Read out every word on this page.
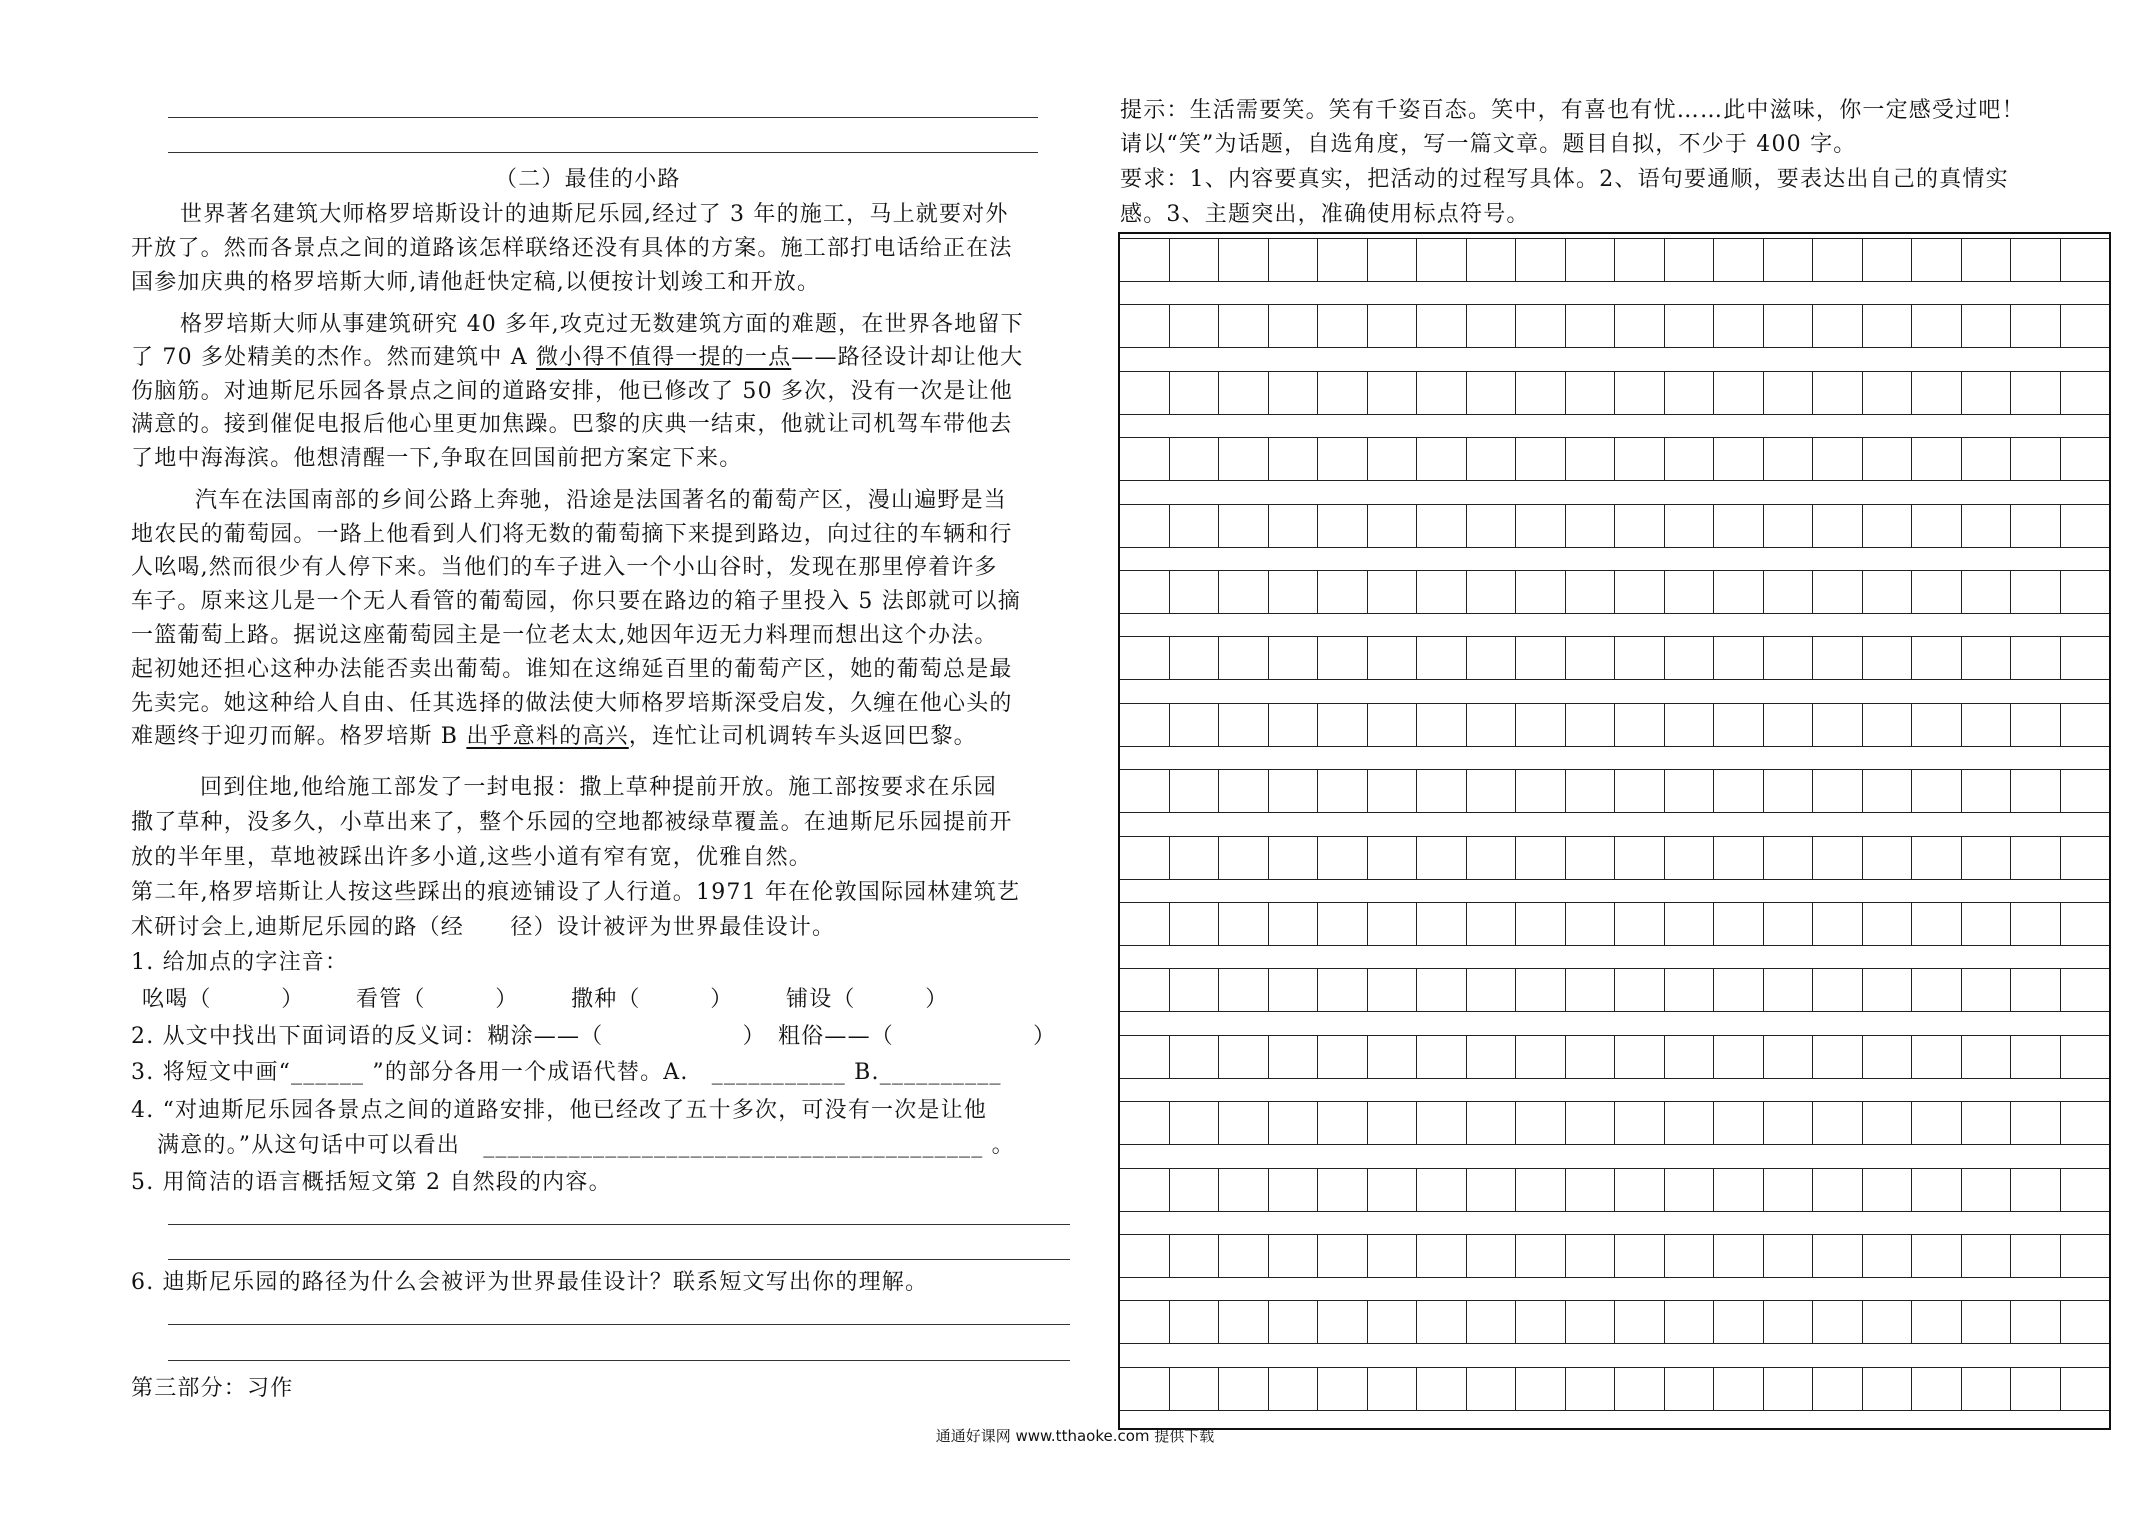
（二）最佳的小路
世界著名建筑大师格罗培斯设计的迪斯尼乐园,经过了 3 年的施工，马上就要对外
开放了。然而各景点之间的道路该怎样联络还没有具体的方案。施工部打电话给正在法
国参加庆典的格罗培斯大师,请他赶快定稿,以便按计划竣工和开放。
格罗培斯大师从事建筑研究 40 多年,攻克过无数建筑方面的难题，在世界各地留下
了 70 多处精美的杰作。然而建筑中 A 微小得不值得一提的一点——路径设计却让他大
伤脑筋。对迪斯尼乐园各景点之间的道路安排，他已修改了 50 多次，没有一次是让他
满意的。接到催促电报后他心里更加焦躁。巴黎的庆典一结束，他就让司机驾车带他去
了地中海海滨。他想清醒一下,争取在回国前把方案定下来。
汽车在法国南部的乡间公路上奔驰，沿途是法国著名的葡萄产区，漫山遍野是当
地农民的葡萄园。一路上他看到人们将无数的葡萄摘下来提到路边，向过往的车辆和行
人吆喝,然而很少有人停下来。当他们的车子进入一个小山谷时，发现在那里停着许多
车子。原来这儿是一个无人看管的葡萄园，你只要在路边的箱子里投入 5 法郎就可以摘
一篮葡萄上路。据说这座葡萄园主是一位老太太,她因年迈无力料理而想出这个办法。
起初她还担心这种办法能否卖出葡萄。谁知在这绵延百里的葡萄产区，她的葡萄总是最
先卖完。她这种给人自由、任其选择的做法使大师格罗培斯深受启发，久缠在他心头的
难题终于迎刃而解。格罗培斯 B 出乎意料的高兴，连忙让司机调转车头返回巴黎。
回到住地,他给施工部发了一封电报：撒上草种提前开放。施工部按要求在乐园
撒了草种，没多久，小草出来了，整个乐园的空地都被绿草覆盖。在迪斯尼乐园提前开
放的半年里，草地被踩出许多小道,这些小道有窄有宽，优雅自然。
第二年,格罗培斯让人按这些踩出的痕迹铺设了人行道。1971 年在伦敦国际园林建筑艺
术研讨会上,迪斯尼乐园的路（经　　径）设计被评为世界最佳设计。
1. 给加点的字注音：
吆喝（　　　） 看管（　　　） 撒种（　　　） 铺设（　　　）
2. 从文中找出下面词语的反义词：糊涂——（　　　　　　）　粗俗——（　　　　　　）
3. 将短文中画“______ ”的部分各用一个成语代替。A.　___________ B.__________
4. “对迪斯尼乐园各景点之间的道路安排，他已经改了五十多次，可没有一次是让他
满意的。”从这句话中可以看出　_________________________________________ 。
5. 用简洁的语言概括短文第 2 自然段的内容。
6. 迪斯尼乐园的路径为什么会被评为世界最佳设计？联系短文写出你的理解。
第三部分：习作
提示：生活需要笑。笑有千姿百态。笑中，有喜也有忧……此中滋味，你一定感受过吧！
请以“笑”为话题，自选角度，写一篇文章。题目自拟，不少于 400 字。
要求：1、内容要真实，把活动的过程写具体。2、语句要通顺，要表达出自己的真情实
感。3、主题突出，准确使用标点符号。
通通好课网 www.tthaoke.com 提供下载
